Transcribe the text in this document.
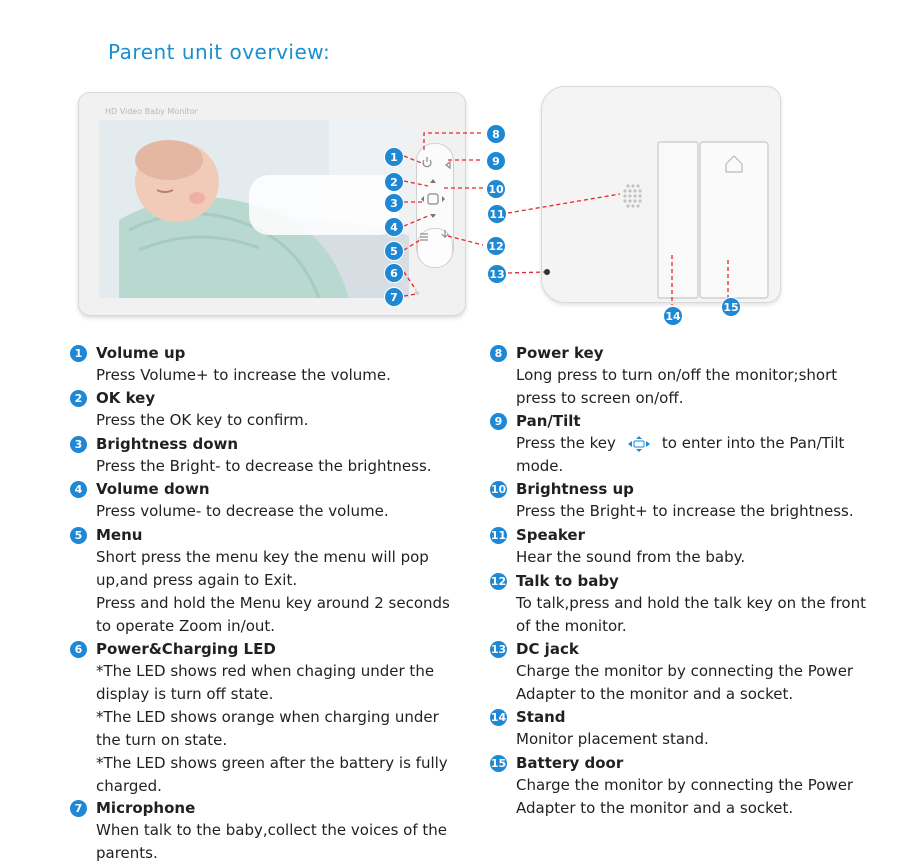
Parent unit overview:
HD Video Baby Monitor
1
2
3
4
5
6
7
8
9
10
11
12
13
14
15
1 Volume up
Press Volume+ to increase the volume.
2 OK key
Press the OK key to confirm.
3 Brightness down
Press the Bright- to decrease the brightness.
4 Volume down
Press volume- to decrease the volume.
5 Menu
Short press the menu key the menu will pop
up,and press again to Exit.
Press and hold the Menu key around 2 seconds
to operate Zoom in/out.
6 Power&Charging LED
*The LED shows red when chaging under the
display is turn off state.
*The LED shows orange when charging under
the turn on state.
*The LED shows green after the battery is fully
charged.
7 Microphone
When talk to the baby,collect the voices of the
parents.
8 Power key
Long press to turn on/off the monitor;short
press to screen on/off.
9 Pan/Tilt
Press the key	to enter into the Pan/Tilt
mode.
10 Brightness up
Press the Bright+ to increase the brightness.
11 Speaker
Hear the sound from the baby.
12 Talk to baby
To talk,press and hold the talk key on the front
of the monitor.
13 DC jack
Charge the monitor by connecting the Power
Adapter to the monitor and a socket.
14 Stand
Monitor placement stand.
15 Battery door
Charge the monitor by connecting the Power
Adapter to the monitor and a socket.
